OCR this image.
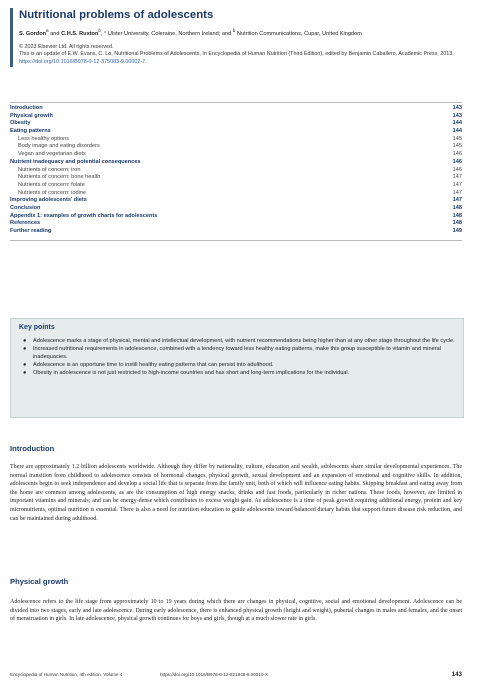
Nutritional problems of adolescents
S. Gordon$^a$ and C.H.S. Ruxton$^b$, ° Ulster University, Coleraine, Northern Ireland; and $^b$ Nutrition Communications, Cupar, United Kingdom
© 2023 Elsevier Ltd. All rights reserved.
This is an update of E.W. Evans, C. Lo, Nutritional Problems of Adolescents, In Encyclopedia of Human Nutrition (Third Edition), edited by Benjamin Caballero, Academic Press, 2013, https://doi.org/10.1016/B978-0-12-375083-9.00002-7.
Introduction	143
Physical growth	143
Obesity	144
Eating patterns	144
Less healthy options	145
Body image and eating disorders	145
Vegan and vegetarian diets	146
Nutrient inadequacy and potential consequences	146
Nutrients of concern: iron	146
Nutrients of concern: bone health	147
Nutrients of concern: folate	147
Nutrients of concern: iodine	147
Improving adolescents' diets	147
Conclusion	148
Appendix 1: examples of growth charts for adolescents	148
References	148
Further reading	149
Key points
● Adolescence marks a stage of physical, mental and intellectual development, with nutrient recommendations being higher than at any other stage throughout the life cycle.
● Increased nutritional requirements in adolescence, combined with a tendency toward less healthy eating patterns, make this group susceptible to vitamin and mineral inadequacies.
● Adolescence is an opportune time to instill healthy eating patterns that can persist into adulthood.
● Obesity in adolescence is not just restricted to high-income countries and has short and long-term implications for the individual.
Introduction

There are approximately 1.2 billion adolescents worldwide. Although they differ by nationality, culture, education and wealth, adolescents share similar developmental experiences. The normal transition from childhood to adolescence consists of hormonal changes, physical growth, sexual development and an expansion of emotional and cognitive skills. In addition, adolescents begin to seek independence and develop a social life that is separate from the family unit, both of which will influence eating habits. Skipping breakfast and eating away from the home are common among adolescents, as are the consumption of high energy snacks, drinks and fast foods, particularly in richer nations. These foods, however, are limited in important vitamins and minerals; and can be energy-dense which contributes to excess weight gain. As adolescence is a time of peak growth requiring additional energy, protein and key micronutrients, optimal nutrition is essential. There is also a need for nutrition education to guide adolescents toward balanced dietary habits that support future disease risk reduction, and can be maintained during adulthood.

Physical growth

Adolescence refers to the life stage from approximately 10 to 19 years during which there are changes in physical, cognitive, social and emotional development. Adolescence can be divided into two stages, early and late adolescence. During early adolescence, there is enhanced physical growth (height and weight), pubertal changes in males and females, and the onset of menstruation in girls. In late adolescence, physical growth continues for boys and girls, though at a much slower rate in girls.

Encyclopedia of Human Nutrition, 4th edition, Volume 4	https://doi.org/10.1016/B978-0-12-821848-8.00010-X	143
